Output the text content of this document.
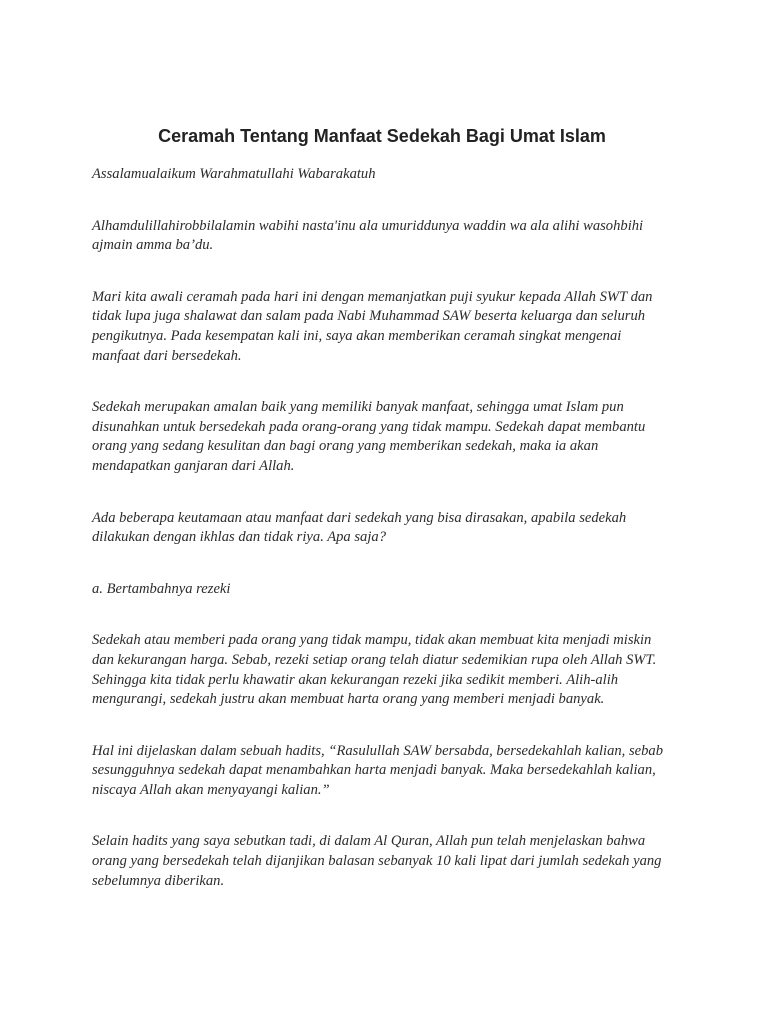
Ceramah Tentang Manfaat Sedekah Bagi Umat Islam

Assalamualaikum Warahmatullahi Wabarakatuh

Alhamdulillahirobbilalamin wabihi nasta'inu ala umuriddunya waddin wa ala alihi wasohbihi ajmain amma ba’du.

Mari kita awali ceramah pada hari ini dengan memanjatkan puji syukur kepada Allah SWT dan tidak lupa juga shalawat dan salam pada Nabi Muhammad SAW beserta keluarga dan seluruh pengikutnya. Pada kesempatan kali ini, saya akan memberikan ceramah singkat mengenai manfaat dari bersedekah.

Sedekah merupakan amalan baik yang memiliki banyak manfaat, sehingga umat Islam pun disunahkan untuk bersedekah pada orang-orang yang tidak mampu. Sedekah dapat membantu orang yang sedang kesulitan dan bagi orang yang memberikan sedekah, maka ia akan mendapatkan ganjaran dari Allah.

Ada beberapa keutamaan atau manfaat dari sedekah yang bisa dirasakan, apabila sedekah dilakukan dengan ikhlas dan tidak riya. Apa saja?

a. Bertambahnya rezeki

Sedekah atau memberi pada orang yang tidak mampu, tidak akan membuat kita menjadi miskin dan kekurangan harga. Sebab, rezeki setiap orang telah diatur sedemikian rupa oleh Allah SWT. Sehingga kita tidak perlu khawatir akan kekurangan rezeki jika sedikit memberi. Alih-alih mengurangi, sedekah justru akan membuat harta orang yang memberi menjadi banyak.

Hal ini dijelaskan dalam sebuah hadits, “Rasulullah SAW bersabda, bersedekahlah kalian, sebab sesungguhnya sedekah dapat menambahkan harta menjadi banyak. Maka bersedekahlah kalian, niscaya Allah akan menyayangi kalian.”

Selain hadits yang saya sebutkan tadi, di dalam Al Quran, Allah pun telah menjelaskan bahwa orang yang bersedekah telah dijanjikan balasan sebanyak 10 kali lipat dari jumlah sedekah yang sebelumnya diberikan.
